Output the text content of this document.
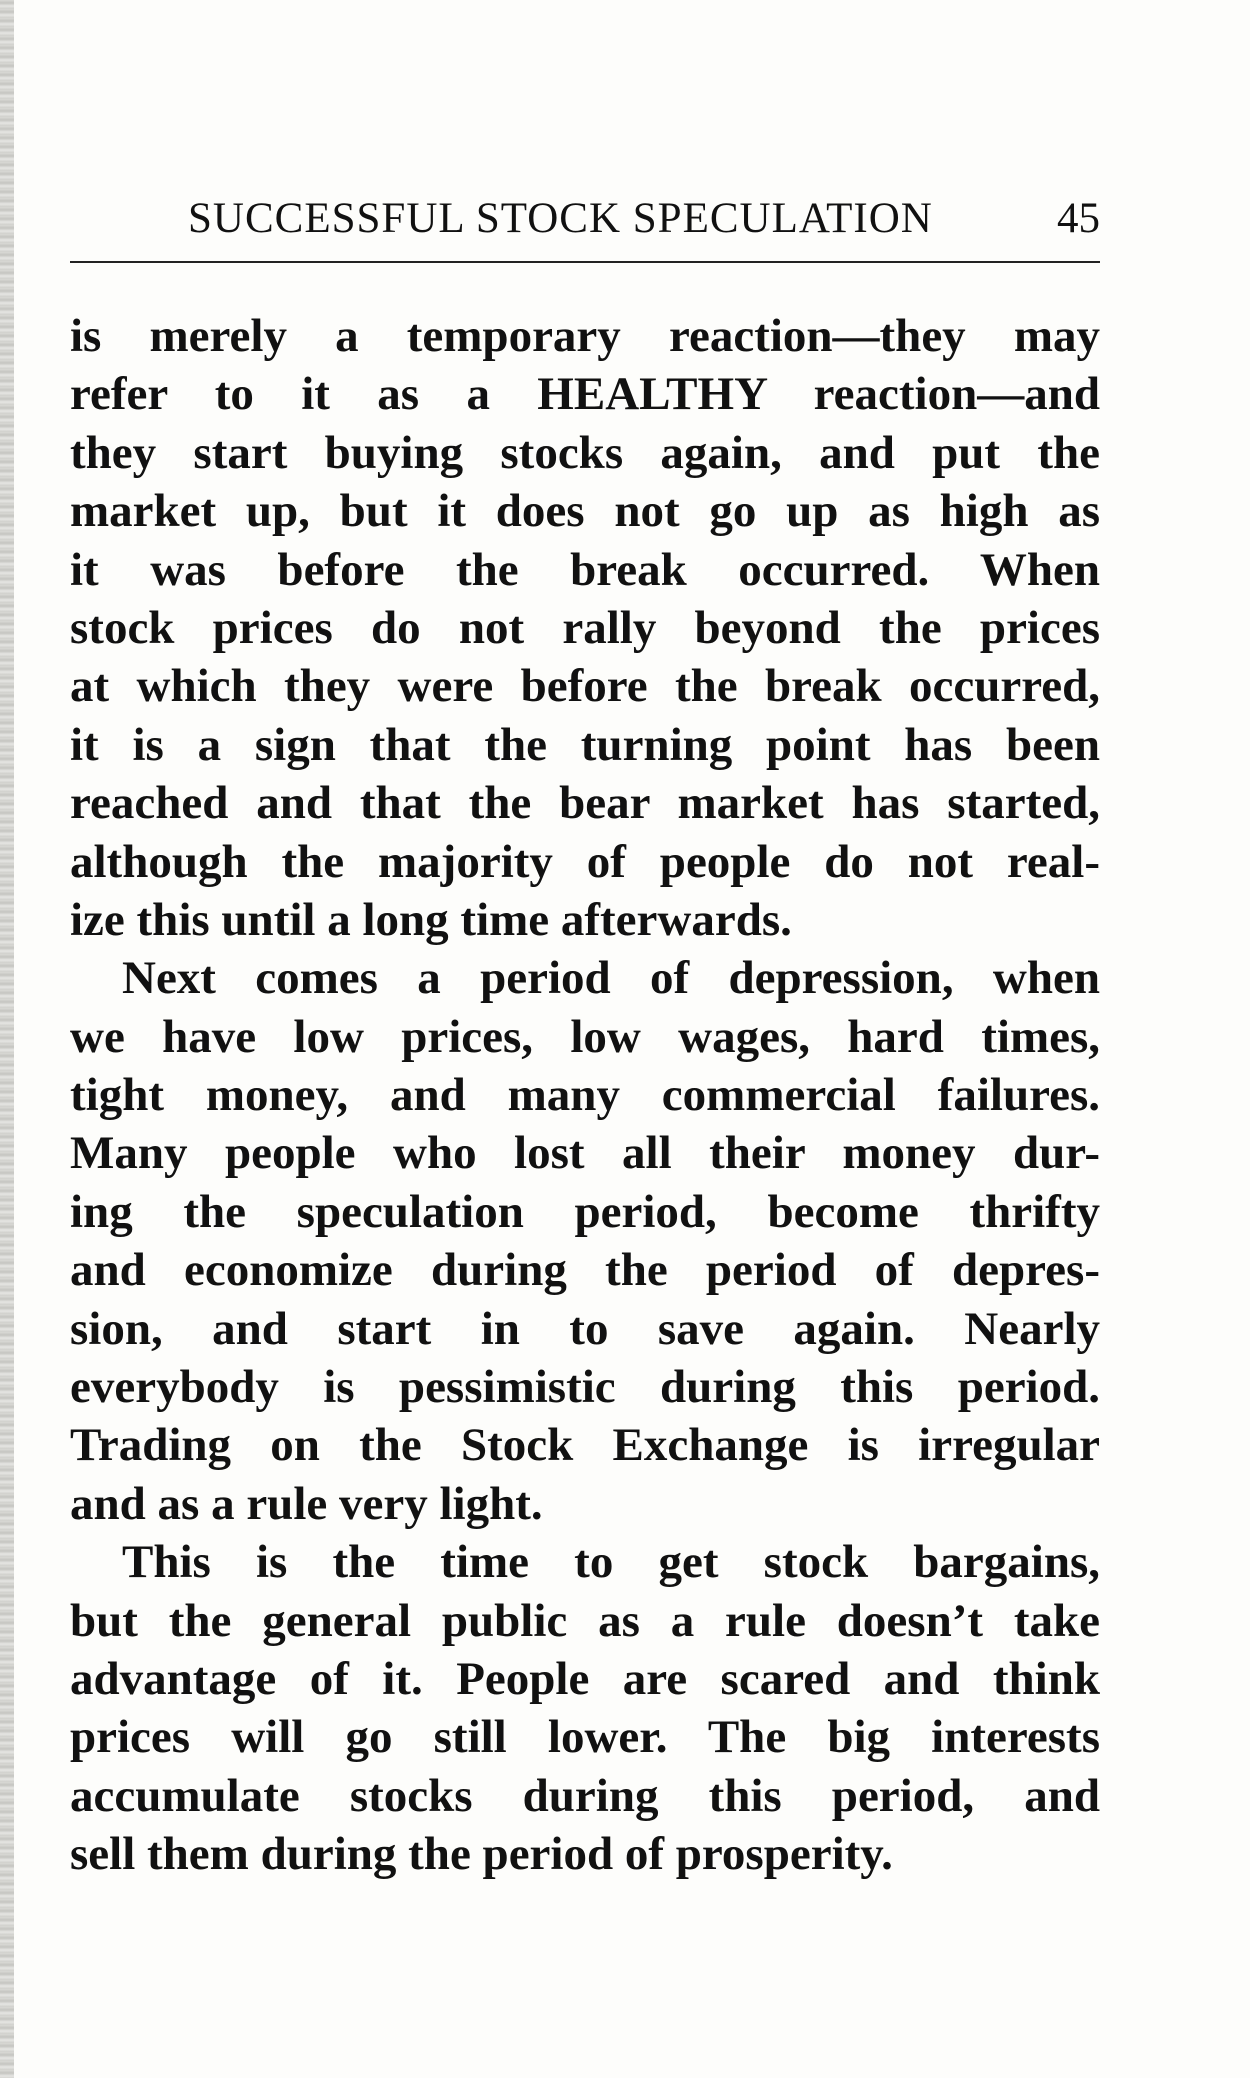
SUCCESSFUL STOCK SPECULATION	45
is merely a temporary reaction—they may
refer to it as a HEALTHY reaction—and
they start buying stocks again, and put the
market up, but it does not go up as high as
it was before the break occurred. When
stock prices do not rally beyond the prices
at which they were before the break occurred,
it is a sign that the turning point has been
reached and that the bear market has started,
although the majority of people do not real-
ize this until a long time afterwards.
Next comes a period of depression, when
we have low prices, low wages, hard times,
tight money, and many commercial failures.
Many people who lost all their money dur-
ing the speculation period, become thrifty
and economize during the period of depres-
sion, and start in to save again. Nearly
everybody is pessimistic during this period.
Trading on the Stock Exchange is irregular
and as a rule very light.
This is the time to get stock bargains,
but the general public as a rule doesn’t take
advantage of it. People are scared and think
prices will go still lower. The big interests
accumulate stocks during this period, and
sell them during the period of prosperity.
